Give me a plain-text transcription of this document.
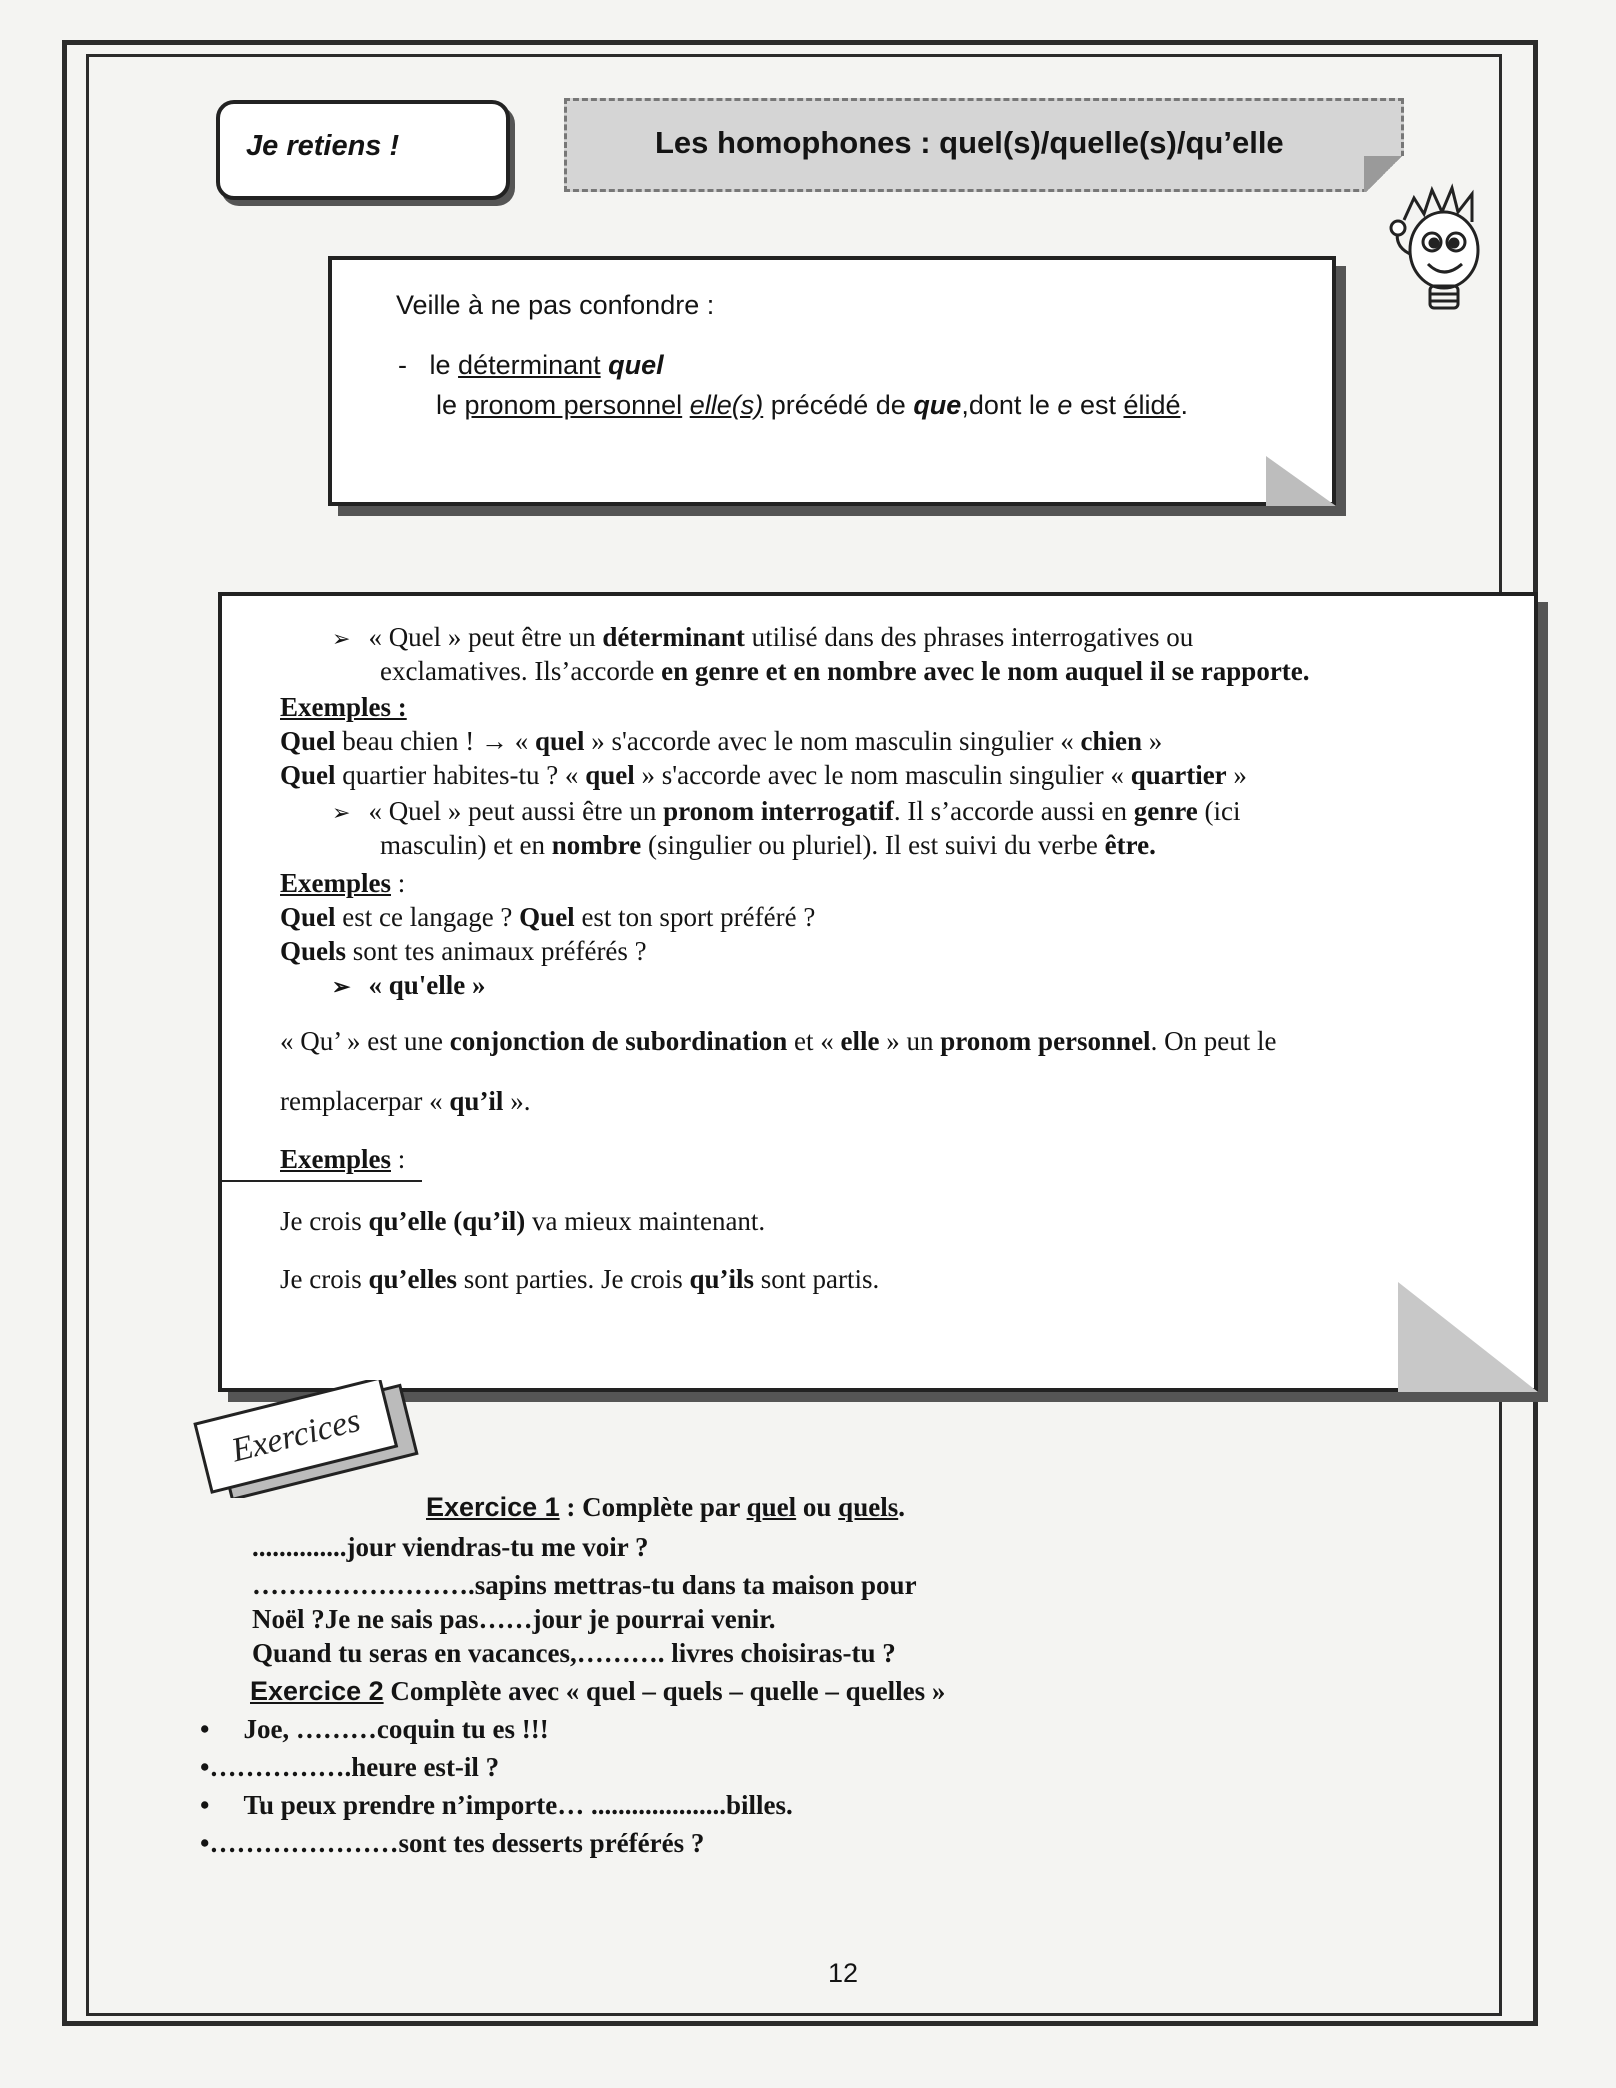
Je retiens !	Les homophones : quel(s)/quelle(s)/qu’elle
Veille à ne pas confondre :
- le déterminant quel
le pronom personnel elle(s) précédé de que,dont le e est élidé.
➢ « Quel » peut être un déterminant utilisé dans des phrases interrogatives ou
exclamatives. Ils’accorde en genre et en nombre avec le nom auquel il se rapporte.
Exemples :
Quel beau chien ! → « quel » s'accorde avec le nom masculin singulier « chien »
Quel quartier habites-tu ? « quel » s'accorde avec le nom masculin singulier « quartier »
➢ « Quel » peut aussi être un pronom interrogatif. Il s’accorde aussi en genre (ici
masculin) et en nombre (singulier ou pluriel). Il est suivi du verbe être.
Exemples :
Quel est ce langage ? Quel est ton sport préféré ?
Quels sont tes animaux préférés ?
➢ « qu'elle »
« Qu’ » est une conjonction de subordination et « elle » un pronom personnel. On peut le
remplacerpar « qu’il ».
Exemples :
Je crois qu’elle (qu’il) va mieux maintenant.
Je crois qu’elles sont parties. Je crois qu’ils sont partis.
Exercices
Exercice 1 : Complète par quel ou quels.
..............jour viendras-tu me voir ?
…………………….sapins mettras-tu dans ta maison pour
Noël ?Je ne sais pas……jour je pourrai venir.
Quand tu seras en vacances,………. livres choisiras-tu ?
Exercice 2 Complète avec « quel – quels – quelle – quelles »
• Joe, ………coquin tu es !!!
•…………….heure est-il ?
• Tu peux prendre n’importe… ....................billes.
•…………………sont tes desserts préférés ?
12
